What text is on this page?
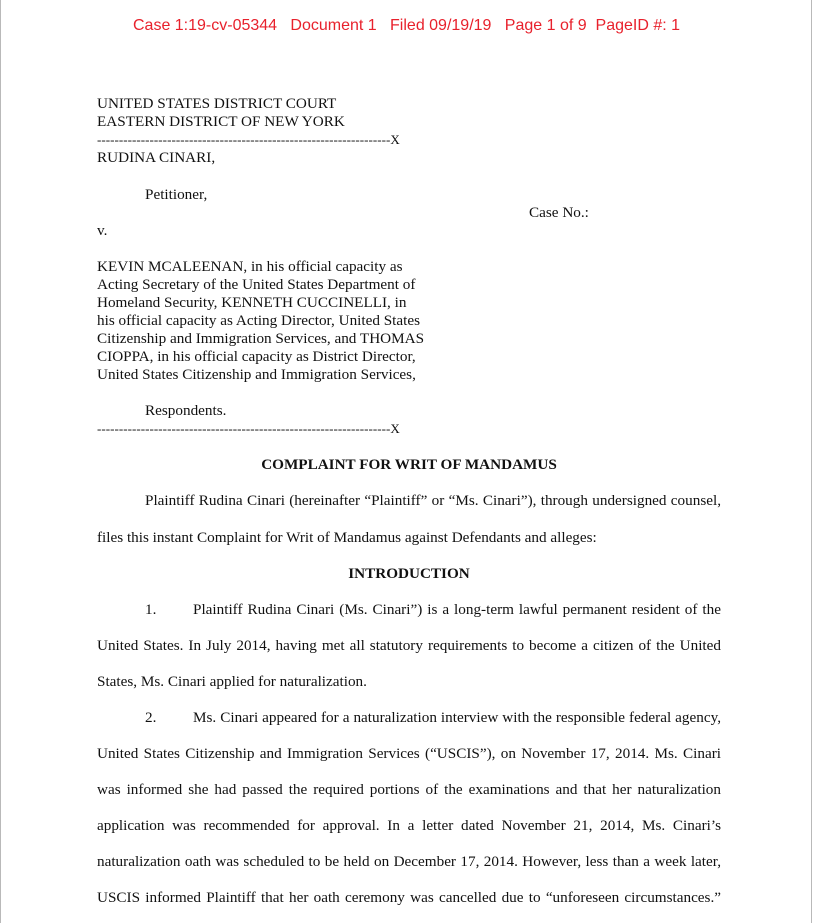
Case 1:19-cv-05344 Document 1 Filed 09/19/19 Page 1 of 9 PageID #: 1
UNITED STATES DISTRICT COURT
EASTERN DISTRICT OF NEW YORK
-------------------------------------------------------------------X
RUDINA CINARI,
Petitioner,
Case No.:
v.
KEVIN MCALEENAN, in his official capacity as
Acting Secretary of the United States Department of
Homeland Security, KENNETH CUCCINELLI, in
his official capacity as Acting Director, United States
Citizenship and Immigration Services, and THOMAS
CIOPPA, in his official capacity as District Director,
United States Citizenship and Immigration Services,
Respondents.
-------------------------------------------------------------------X
COMPLAINT FOR WRIT OF MANDAMUS
Plaintiff Rudina Cinari (hereinafter “Plaintiff” or “Ms. Cinari”), through undersigned counsel,
files this instant Complaint for Writ of Mandamus against Defendants and alleges:
INTRODUCTION
1. Plaintiff Rudina Cinari (Ms. Cinari”) is a long-term lawful permanent resident of the
United States. In July 2014, having met all statutory requirements to become a citizen of the United
States, Ms. Cinari applied for naturalization.
2. Ms. Cinari appeared for a naturalization interview with the responsible federal agency,
United States Citizenship and Immigration Services (“USCIS”), on November 17, 2014. Ms. Cinari
was informed she had passed the required portions of the examinations and that her naturalization
application was recommended for approval. In a letter dated November 21, 2014, Ms. Cinari’s
naturalization oath was scheduled to be held on December 17, 2014. However, less than a week later,
USCIS informed Plaintiff that her oath ceremony was cancelled due to “unforeseen circumstances.”
